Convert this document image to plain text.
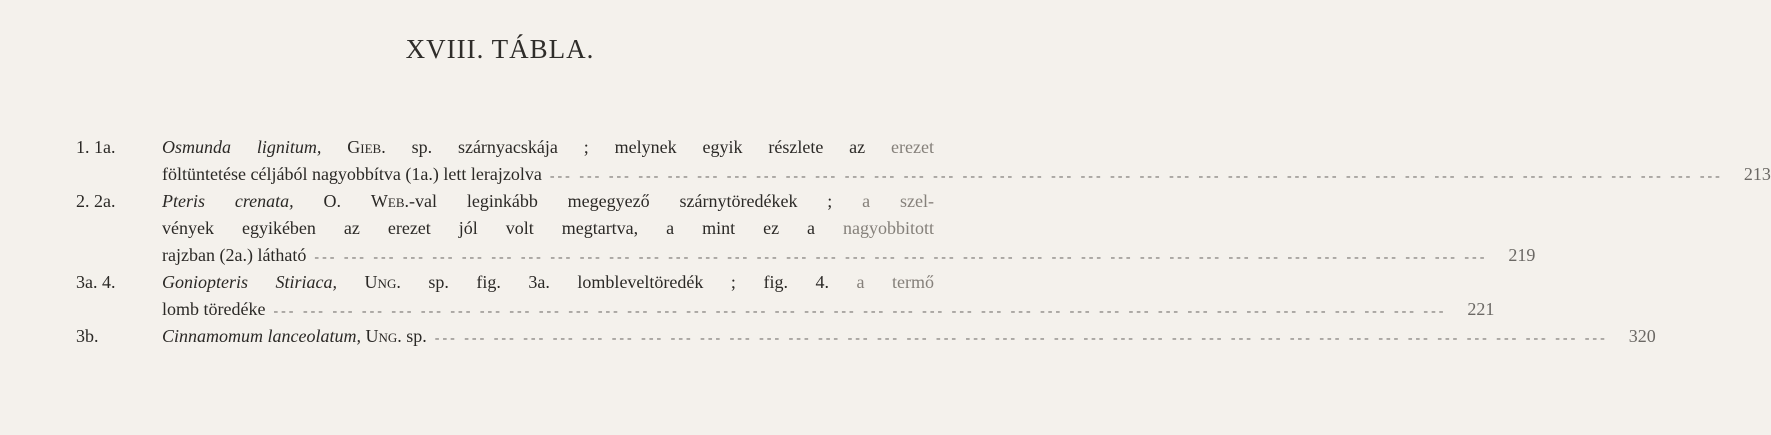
XVIII. TÁBLA.
1. 1a.	Osmunda lignitum, Gieb. sp. szárnyacskája ; melynek egyik részlete az erezet
föltüntetése céljából nagyobbítva (1a.) lett lerajzolva --- --- --- --- --- --- --- --- --- --- --- --- --- --- --- --- --- --- --- --- --- --- --- --- --- --- --- --- --- --- --- --- --- --- --- --- --- --- --- ---	213
2. 2a.	Pteris crenata, O. Web.-val leginkább megegyező szárnytöredékek ; a szel-
vények egyikében az erezet jól volt megtartva, a mint ez a nagyobbitott
rajzban (2a.) látható --- --- --- --- --- --- --- --- --- --- --- --- --- --- --- --- --- --- --- --- --- --- --- --- --- --- --- --- --- --- --- --- --- --- --- --- --- --- --- ---	219
3a. 4.	Goniopteris Stiriaca, Ung. sp. fig. 3a. lombleveltöredék ; fig. 4. a termő
lomb töredéke --- --- --- --- --- --- --- --- --- --- --- --- --- --- --- --- --- --- --- --- --- --- --- --- --- --- --- --- --- --- --- --- --- --- --- --- --- --- --- ---	221
3b.	Cinnamomum lanceolatum, Ung. sp. --- --- --- --- --- --- --- --- --- --- --- --- --- --- --- --- --- --- --- --- --- --- --- --- --- --- --- --- --- --- --- --- --- --- --- --- --- --- --- ---	320
